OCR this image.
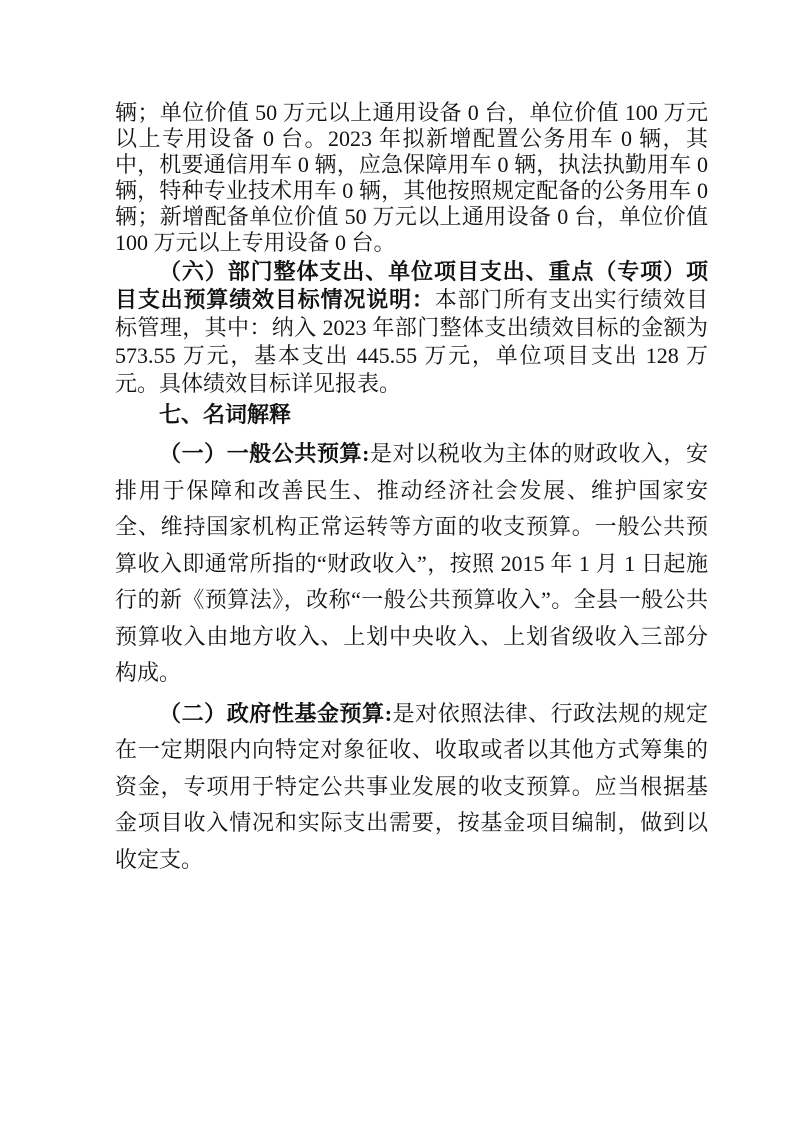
辆；单位价值 50 万元以上通用设备 0 台，单位价值 100 万元以上专用设备 0 台。2023 年拟新增配置公务用车 0 辆，其中，机要通信用车 0 辆，应急保障用车 0 辆，执法执勤用车 0 辆，特种专业技术用车 0 辆，其他按照规定配备的公务用车 0 辆；新增配备单位价值 50 万元以上通用设备 0 台，单位价值 100 万元以上专用设备 0 台。

（六）部门整体支出、单位项目支出、重点（专项）项目支出预算绩效目标情况说明：本部门所有支出实行绩效目标管理，其中：纳入 2023 年部门整体支出绩效目标的金额为 573.55 万元，基本支出 445.55 万元，单位项目支出 128 万元。具体绩效目标详见报表。

七、名词解释

（一）一般公共预算:是对以税收为主体的财政收入，安排用于保障和改善民生、推动经济社会发展、维护国家安全、维持国家机构正常运转等方面的收支预算。一般公共预算收入即通常所指的“财政收入”，按照 2015 年 1 月 1 日起施行的新《预算法》，改称“一般公共预算收入”。全县一般公共预算收入由地方收入、上划中央收入、上划省级收入三部分构成。

（二）政府性基金预算:是对依照法律、行政法规的规定在一定期限内向特定对象征收、收取或者以其他方式筹集的资金，专项用于特定公共事业发展的收支预算。应当根据基金项目收入情况和实际支出需要，按基金项目编制，做到以收定支。
